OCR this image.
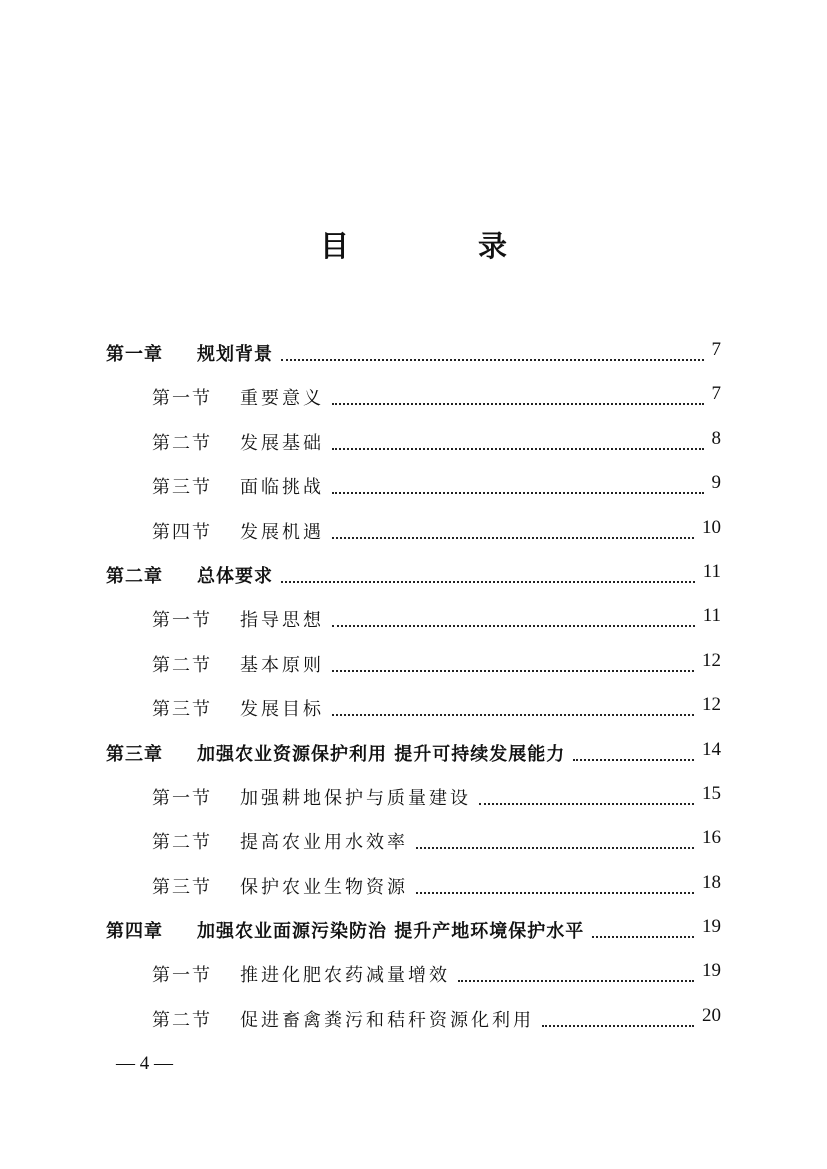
目　录
第一章 规划背景	7
第一节 重要意义	7
第二节 发展基础	8
第三节 面临挑战	9
第四节 发展机遇	10
第二章 总体要求	11
第一节 指导思想	11
第二节 基本原则	12
第三节 发展目标	12
第三章 加强农业资源保护利用 提升可持续发展能力	14
第一节 加强耕地保护与质量建设	15
第二节 提高农业用水效率	16
第三节 保护农业生物资源	18
第四章 加强农业面源污染防治 提升产地环境保护水平	19
第一节 推进化肥农药减量增效	19
第二节 促进畜禽粪污和秸秆资源化利用	20
— 4 —
